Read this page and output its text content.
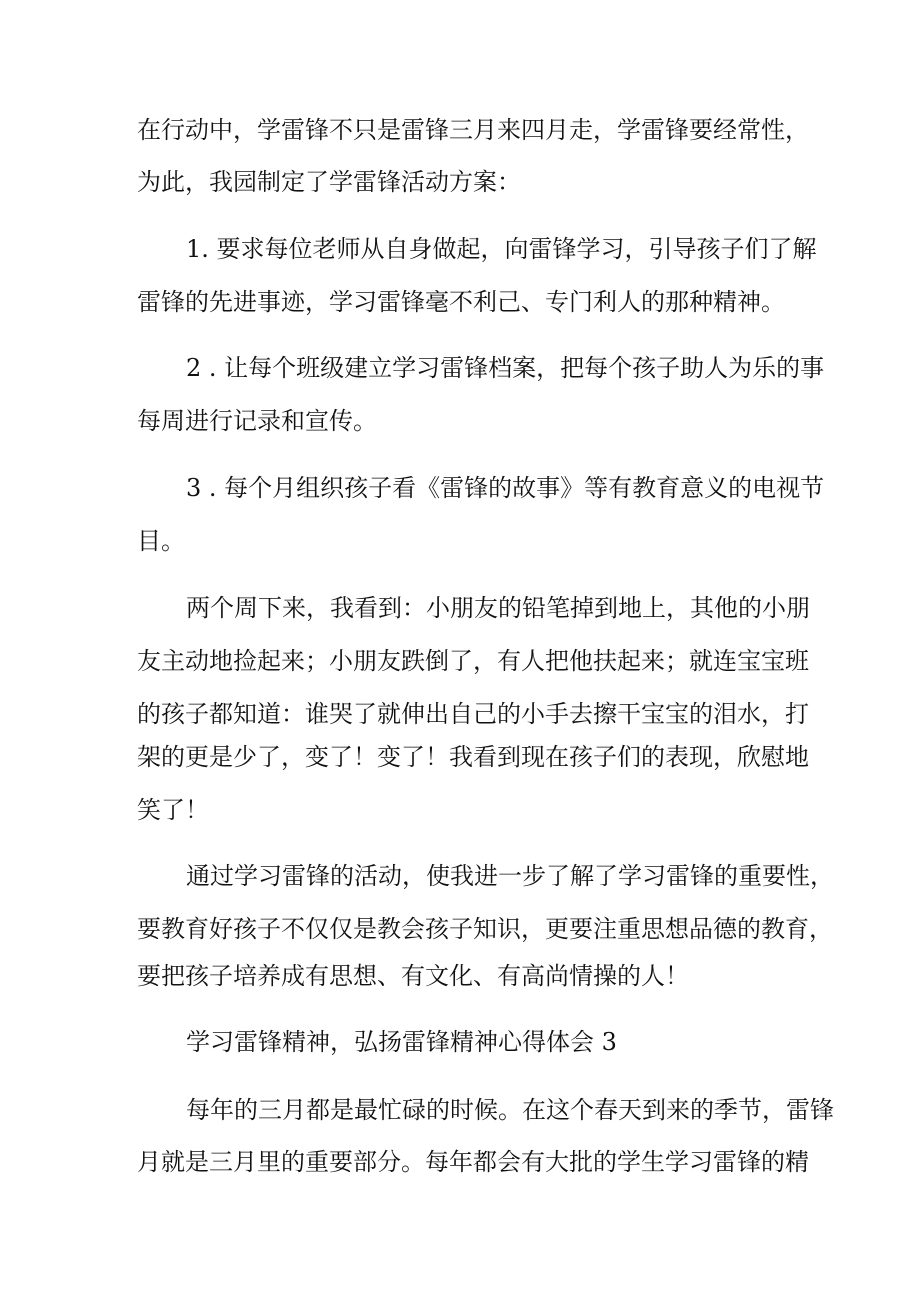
在行动中，学雷锋不只是雷锋三月来四月走，学雷锋要经常性，
为此，我园制定了学雷锋活动方案：
1. 要求每位老师从自身做起，向雷锋学习，引导孩子们了解
雷锋的先进事迹，学习雷锋毫不利己、专门利人的那种精神。
2 . 让每个班级建立学习雷锋档案，把每个孩子助人为乐的事
每周进行记录和宣传。
3 . 每个月组织孩子看《雷锋的故事》等有教育意义的电视节
目。
两个周下来，我看到：小朋友的铅笔掉到地上，其他的小朋
友主动地捡起来；小朋友跌倒了，有人把他扶起来；就连宝宝班
的孩子都知道：谁哭了就伸出自己的小手去擦干宝宝的泪水，打
架的更是少了，变了！变了！我看到现在孩子们的表现，欣慰地
笑了！
通过学习雷锋的活动，使我进一步了解了学习雷锋的重要性，
要教育好孩子不仅仅是教会孩子知识，更要注重思想品德的教育，
要把孩子培养成有思想、有文化、有高尚情操的人！
学习雷锋精神，弘扬雷锋精神心得体会 3
每年的三月都是最忙碌的时候。在这个春天到来的季节，雷锋
月就是三月里的重要部分。每年都会有大批的学生学习雷锋的精
